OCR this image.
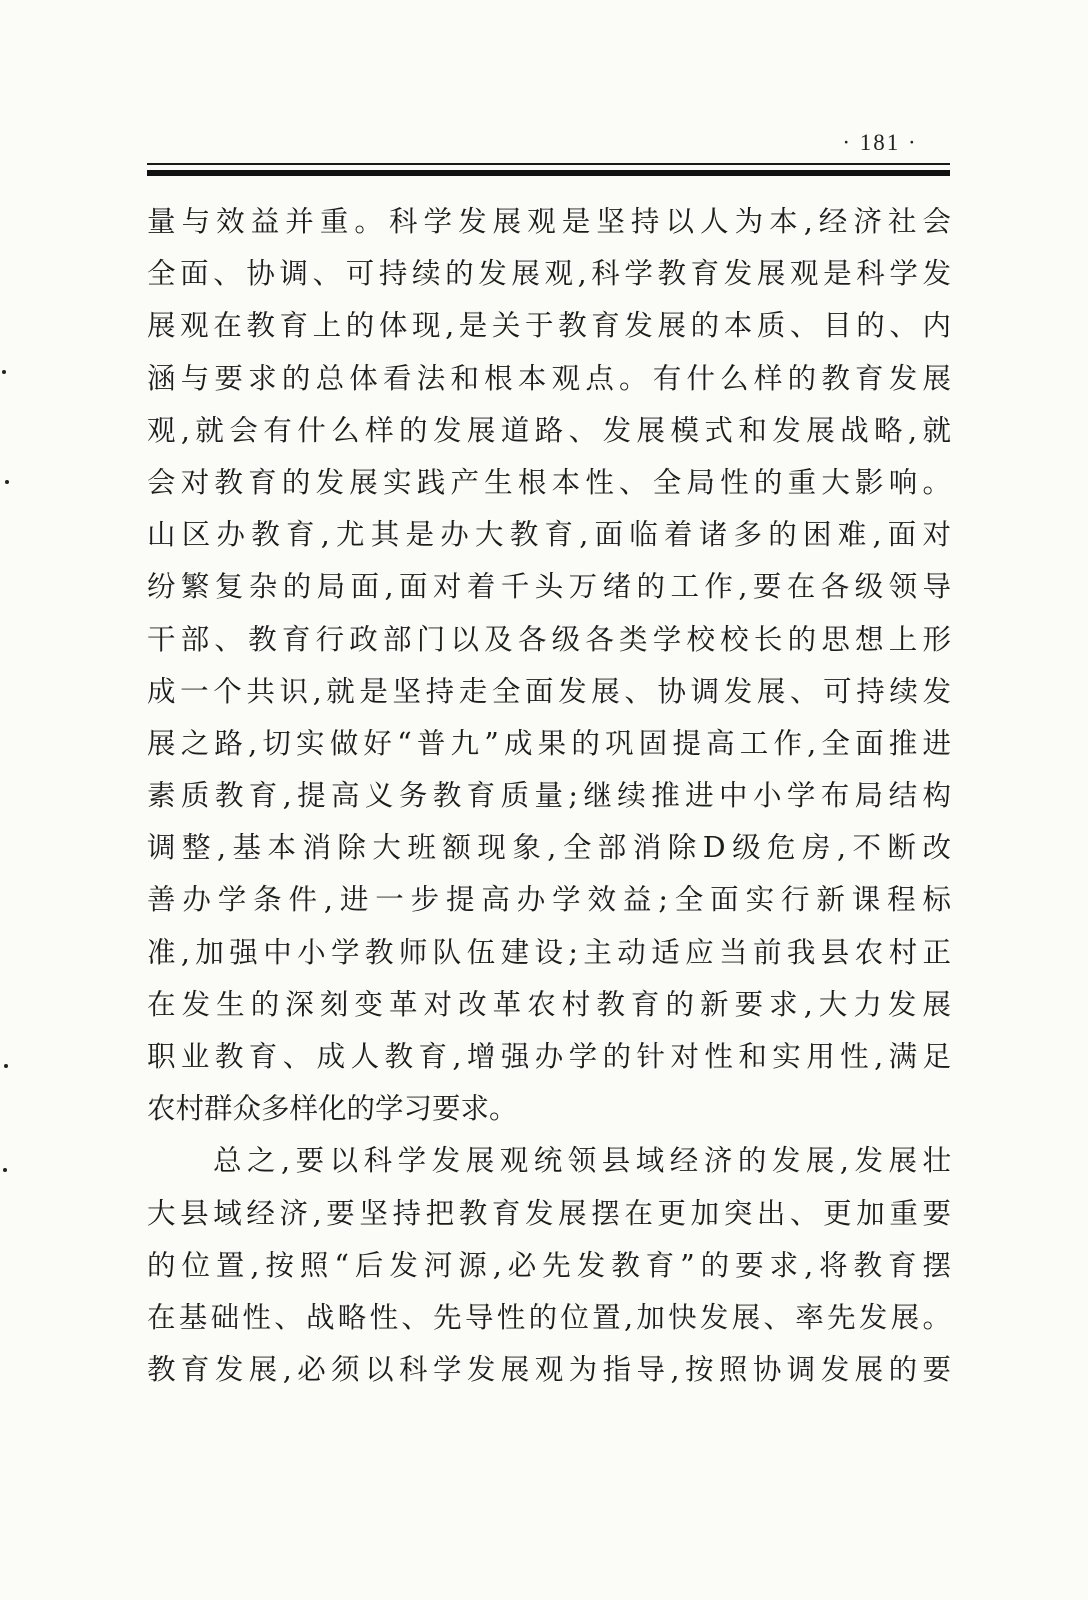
· 181 ·
量与效益并重。科学发展观是坚持以人为本,经济社会
全面、协调、可持续的发展观,科学教育发展观是科学发
展观在教育上的体现,是关于教育发展的本质、目的、内
涵与要求的总体看法和根本观点。有什么样的教育发展
观,就会有什么样的发展道路、发展模式和发展战略,就
会对教育的发展实践产生根本性、全局性的重大影响。
山区办教育,尤其是办大教育,面临着诸多的困难,面对
纷繁复杂的局面,面对着千头万绪的工作,要在各级领导
干部、教育行政部门以及各级各类学校校长的思想上形
成一个共识,就是坚持走全面发展、协调发展、可持续发
展之路,切实做好“普九”成果的巩固提高工作,全面推进
素质教育,提高义务教育质量;继续推进中小学布局结构
调整,基本消除大班额现象,全部消除D级危房,不断改
善办学条件,进一步提高办学效益;全面实行新课程标
准,加强中小学教师队伍建设;主动适应当前我县农村正
在发生的深刻变革对改革农村教育的新要求,大力发展
职业教育、成人教育,增强办学的针对性和实用性,满足
农村群众多样化的学习要求。
总之,要以科学发展观统领县域经济的发展,发展壮
大县域经济,要坚持把教育发展摆在更加突出、更加重要
的位置,按照“后发河源,必先发教育”的要求,将教育摆
在基础性、战略性、先导性的位置,加快发展、率先发展。
教育发展,必须以科学发展观为指导,按照协调发展的要
